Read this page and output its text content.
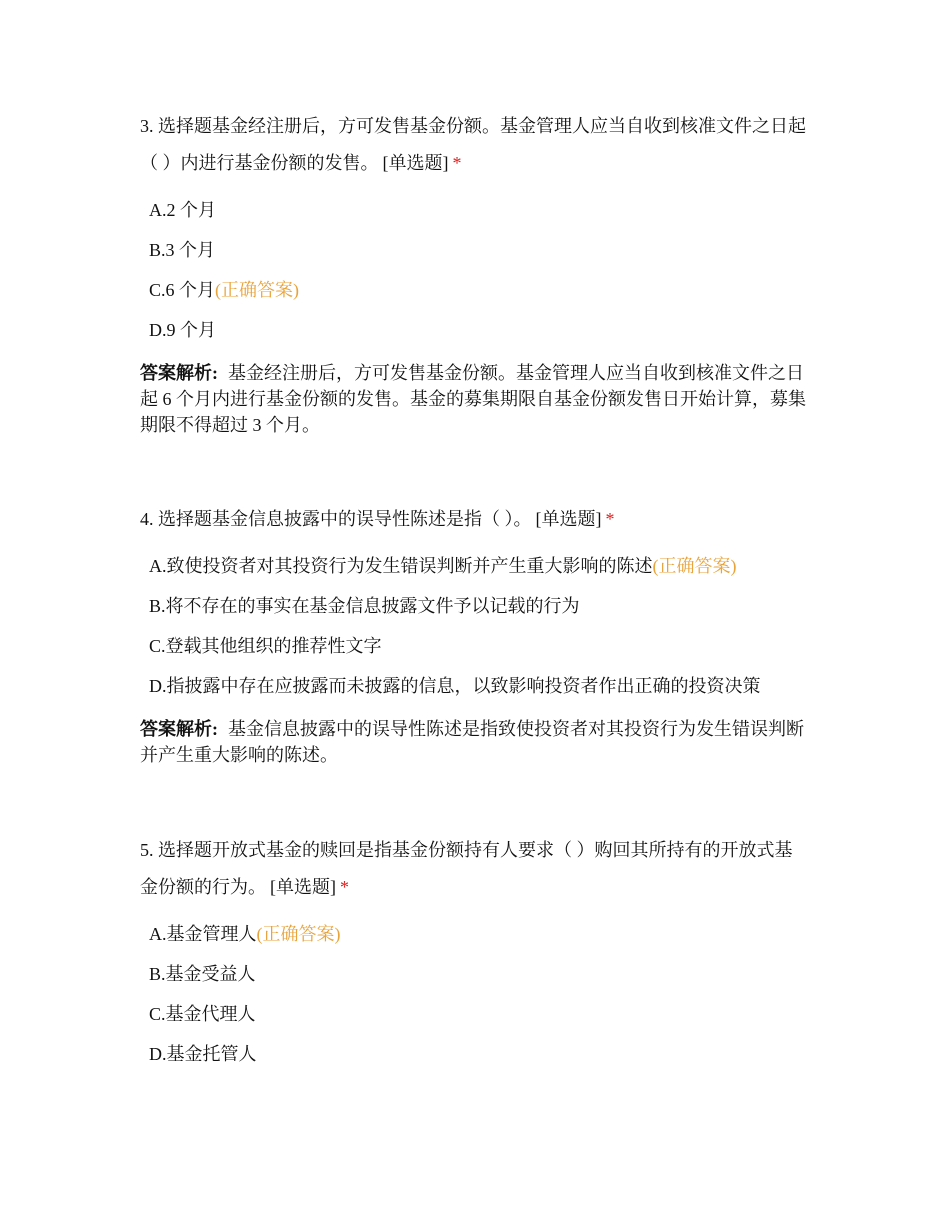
3. 选择题基金经注册后，方可发售基金份额。基金管理人应当自收到核准文件之日起（ ）内进行基金份额的发售。 [单选题] *

A.2 个月
B.3 个月
C.6 个月(正确答案)
D.9 个月

答案解析: 基金经注册后，方可发售基金份额。基金管理人应当自收到核准文件之日起 6 个月内进行基金份额的发售。基金的募集期限自基金份额发售日开始计算，募集期限不得超过 3 个月。

4. 选择题基金信息披露中的误导性陈述是指（ ）。 [单选题] *

A.致使投资者对其投资行为发生错误判断并产生重大影响的陈述(正确答案)
B.将不存在的事实在基金信息披露文件予以记载的行为
C.登载其他组织的推荐性文字
D.指披露中存在应披露而未披露的信息，以致影响投资者作出正确的投资决策

答案解析: 基金信息披露中的误导性陈述是指致使投资者对其投资行为发生错误判断并产生重大影响的陈述。

5. 选择题开放式基金的赎回是指基金份额持有人要求（ ）购回其所持有的开放式基金份额的行为。 [单选题] *

A.基金管理人(正确答案)
B.基金受益人
C.基金代理人
D.基金托管人
